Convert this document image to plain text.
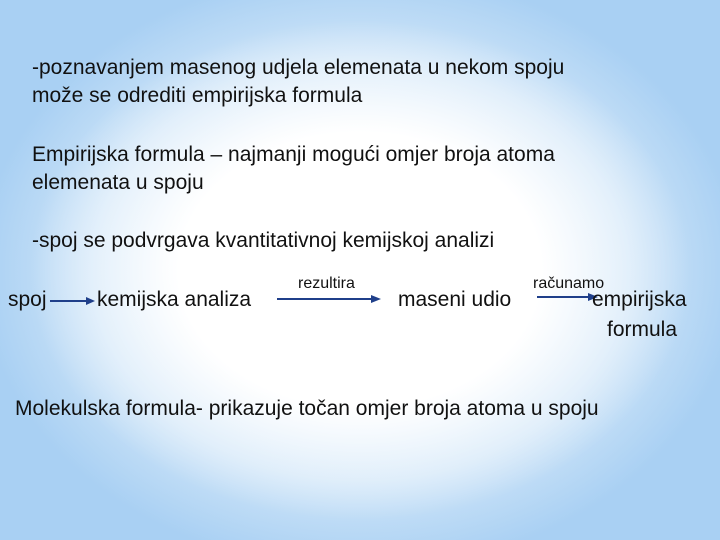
-poznavanjem masenog udjela elemenata u nekom spoju
može se odrediti empirijska formula
Empirijska formula – najmanji mogući omjer broja atoma
elemenata u spoju
-spoj se podvrgava kvantitativnoj kemijskoj analizi
spoj kemijska analiza
rezultira
maseni udio
računamo
empirijska
formula
Molekulska formula- prikazuje točan omjer broja atoma u spoju
